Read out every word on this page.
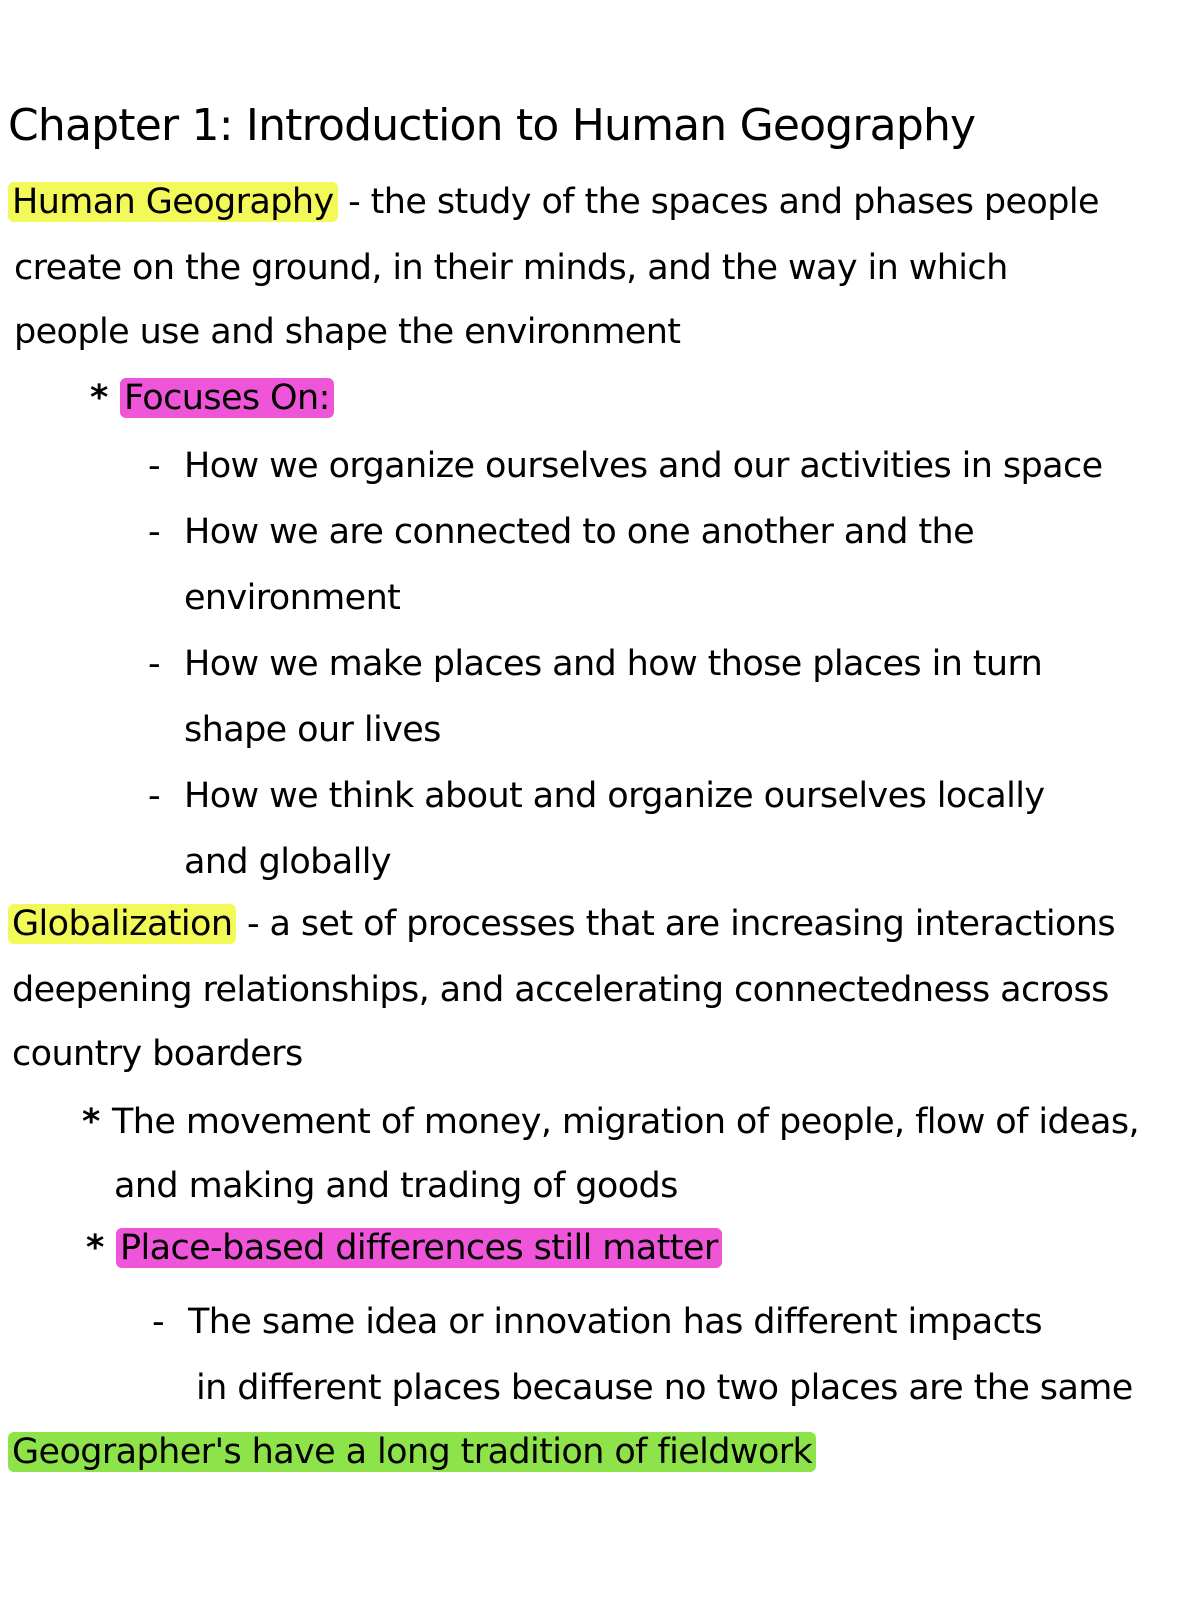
Chapter 1: Introduction to Human Geography
Human Geography - the study of the spaces and phases people
create on the ground, in their minds, and the way in which
people use and shape the environment
* Focuses On:
- How we organize ourselves and our activities in space
- How we are connected to one another and the
environment
- How we make places and how those places in turn
shape our lives
- How we think about and organize ourselves locally
and globally
Globalization - a set of processes that are increasing interactions
deepening relationships, and accelerating connectedness across
country boarders
* The movement of money, migration of people, flow of ideas,
and making and trading of goods
* Place-based differences still matter
- The same idea or innovation has different impacts
in different places because no two places are the same
Geographer's have a long tradition of fieldwork
